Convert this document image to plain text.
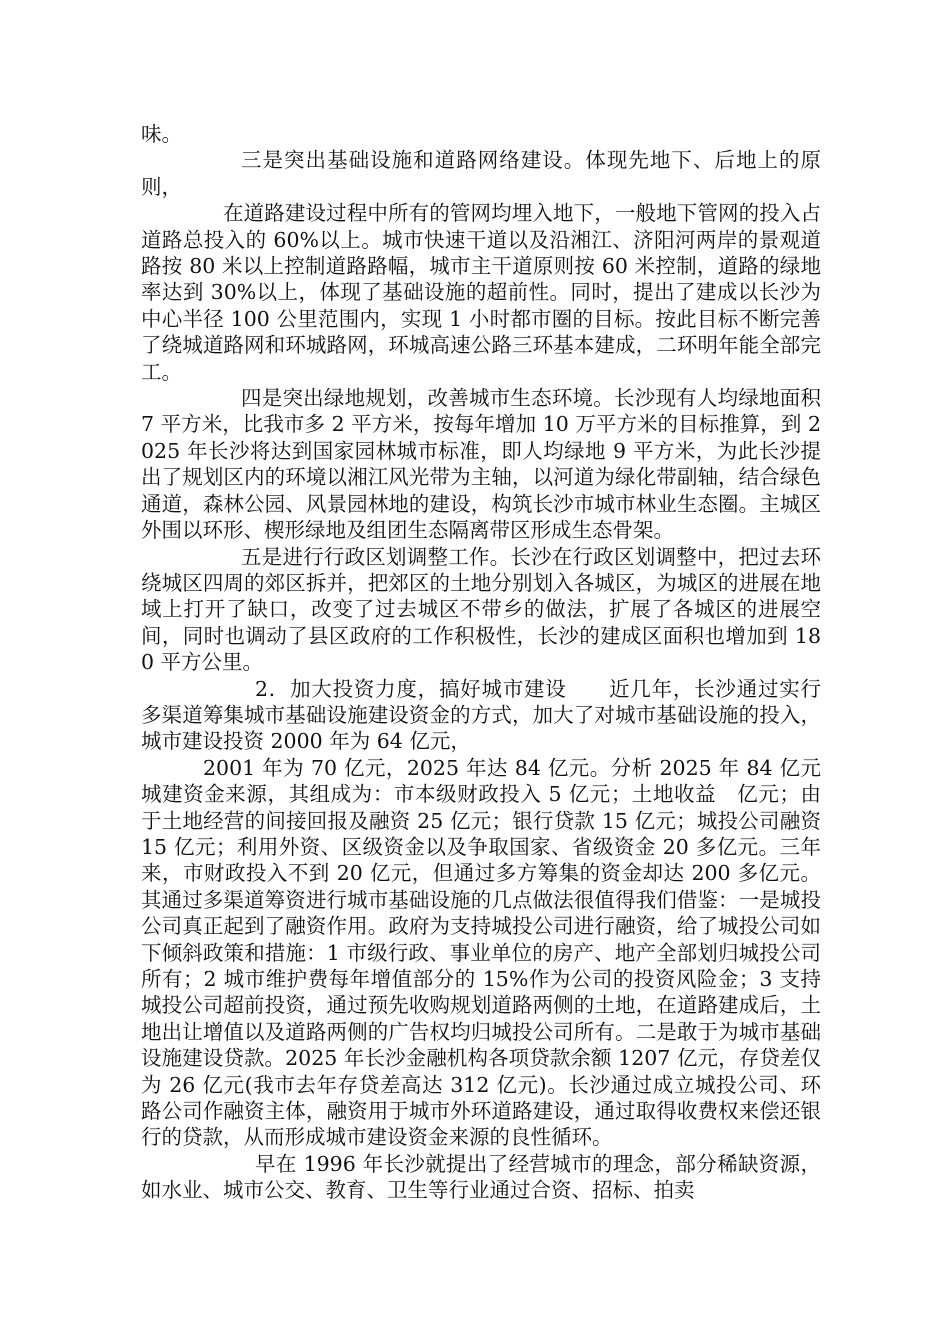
味。

三是突出基础设施和道路网络建设。体现先地下、后地上的原则，

在道路建设过程中所有的管网均埋入地下，一般地下管网的投入占道路总投入的 60%以上。城市快速干道以及沿湘江、济阳河两岸的景观道路按 80 米以上控制道路路幅，城市主干道原则按 60 米控制，道路的绿地率达到 30%以上，体现了基础设施的超前性。同时，提出了建成以长沙为中心半径 100 公里范围内，实现 1 小时都市圈的目标。按此目标不断完善了绕城道路网和环城路网，环城高速公路三环基本建成，二环明年能全部完工。

四是突出绿地规划，改善城市生态环境。长沙现有人均绿地面积 7 平方米，比我市多 2 平方米，按每年增加 10 万平方米的目标推算，到 2025 年长沙将达到国家园林城市标准，即人均绿地 9 平方米，为此长沙提出了规划区内的环境以湘江风光带为主轴，以河道为绿化带副轴，结合绿色通道，森林公园、风景园林地的建设，构筑长沙市城市林业生态圈。主城区外围以环形、楔形绿地及组团生态隔离带区形成生态骨架。

五是进行行政区划调整工作。长沙在行政区划调整中，把过去环绕城区四周的郊区拆并，把郊区的土地分别划入各城区，为城区的进展在地域上打开了缺口，改变了过去城区不带乡的做法，扩展了各城区的进展空间，同时也调动了县区政府的工作积极性，长沙的建成区面积也增加到 180 平方公里。

2．加大投资力度，搞好城市建设　　近几年，长沙通过实行多渠道筹集城市基础设施建设资金的方式，加大了对城市基础设施的投入，城市建设投资 2000 年为 64 亿元，

2001 年为 70 亿元，2025 年达 84 亿元。分析 2025 年 84 亿元城建资金来源，其组成为：市本级财政投入 5 亿元；土地收益　亿元；由于土地经营的间接回报及融资 25 亿元；银行贷款 15 亿元；城投公司融资 15 亿元；利用外资、区级资金以及争取国家、省级资金 20 多亿元。三年来，市财政投入不到 20 亿元，但通过多方筹集的资金却达 200 多亿元。其通过多渠道筹资进行城市基础设施的几点做法很值得我们借鉴：一是城投公司真正起到了融资作用。政府为支持城投公司进行融资，给了城投公司如下倾斜政策和措施：1 市级行政、事业单位的房产、地产全部划归城投公司所有；2 城市维护费每年增值部分的 15%作为公司的投资风险金；3 支持城投公司超前投资，通过预先收购规划道路两侧的土地，在道路建成后，土地出让增值以及道路两侧的广告权均归城投公司所有。二是敢于为城市基础设施建设贷款。2025 年长沙金融机构各项贷款余额 1207 亿元，存贷差仅为 26 亿元(我市去年存贷差高达 312 亿元)。长沙通过成立城投公司、环路公司作融资主体，融资用于城市外环道路建设，通过取得收费权来偿还银行的贷款，从而形成城市建设资金来源的良性循环。

早在 1996 年长沙就提出了经营城市的理念，部分稀缺资源，如水业、城市公交、教育、卫生等行业通过合资、招标、拍卖
